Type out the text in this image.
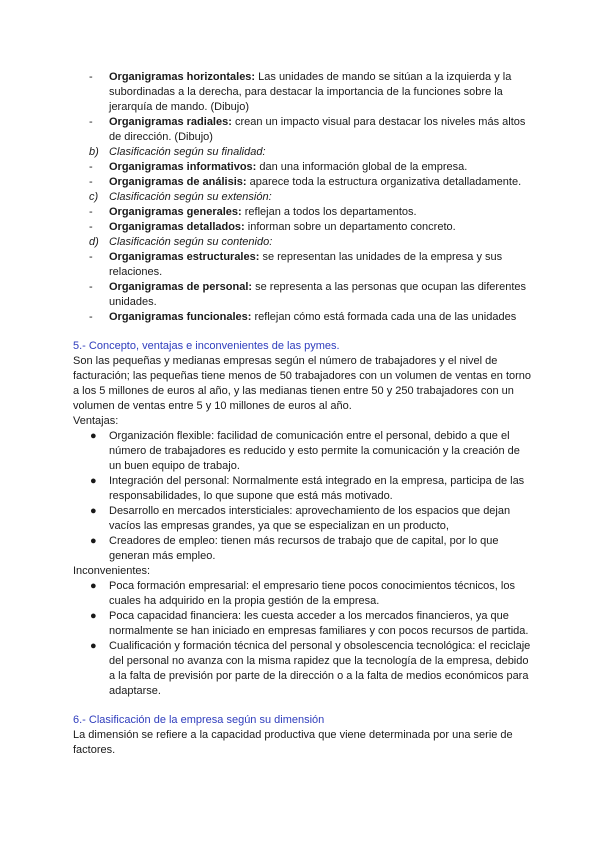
- Organigramas horizontales: Las unidades de mando se sitúan a la izquierda y la subordinadas a la derecha, para destacar la importancia de la funciones sobre la jerarquía de mando. (Dibujo)
- Organigramas radiales: crean un impacto visual para destacar los niveles más altos de dirección. (Dibujo)
b) Clasificación según su finalidad:
- Organigramas informativos: dan una información global de la empresa.
- Organigramas de análisis: aparece toda la estructura organizativa detalladamente.
c) Clasificación según su extensión:
- Organigramas generales: reflejan a todos los departamentos.
- Organigramas detallados: informan sobre un departamento concreto.
d) Clasificación según su contenido:
- Organigramas estructurales: se representan las unidades de la empresa y sus relaciones.
- Organigramas de personal: se representa a las personas que ocupan las diferentes unidades.
- Organigramas funcionales: reflejan cómo está formada cada una de las unidades
5.- Concepto, ventajas e inconvenientes de las pymes.
Son las pequeñas y medianas empresas según el número de trabajadores y el nivel de facturación; las pequeñas tiene menos de 50 trabajadores con un volumen de ventas en torno a los 5 millones de euros al año, y las medianas tienen entre 50 y 250 trabajadores con un volumen de ventas entre 5 y 10 millones de euros al año.
Ventajas:
● Organización flexible: facilidad de comunicación entre el personal, debido a que el número de trabajadores es reducido y esto permite la comunicación y la creación de un buen equipo de trabajo.
● Integración del personal: Normalmente está integrado en la empresa, participa de las responsabilidades, lo que supone que está más motivado.
● Desarrollo en mercados intersticiales: aprovechamiento de los espacios que dejan vacíos las empresas grandes, ya que se especializan en un producto,
● Creadores de empleo: tienen más recursos de trabajo que de capital, por lo que generan más empleo.
Inconvenientes:
● Poca formación empresarial: el empresario tiene pocos conocimientos técnicos, los cuales ha adquirido en la propia gestión de la empresa.
● Poca capacidad financiera: les cuesta acceder a los mercados financieros, ya que normalmente se han iniciado en empresas familiares y con pocos recursos de partida.
● Cualificación y formación técnica del personal y obsolescencia tecnológica: el reciclaje del personal no avanza con la misma rapidez que la tecnología de la empresa, debido a la falta de previsión por parte de la dirección o a la falta de medios económicos para adaptarse.
6.- Clasificación de la empresa según su dimensión
La dimensión se refiere a la capacidad productiva que viene determinada por una serie de factores.
